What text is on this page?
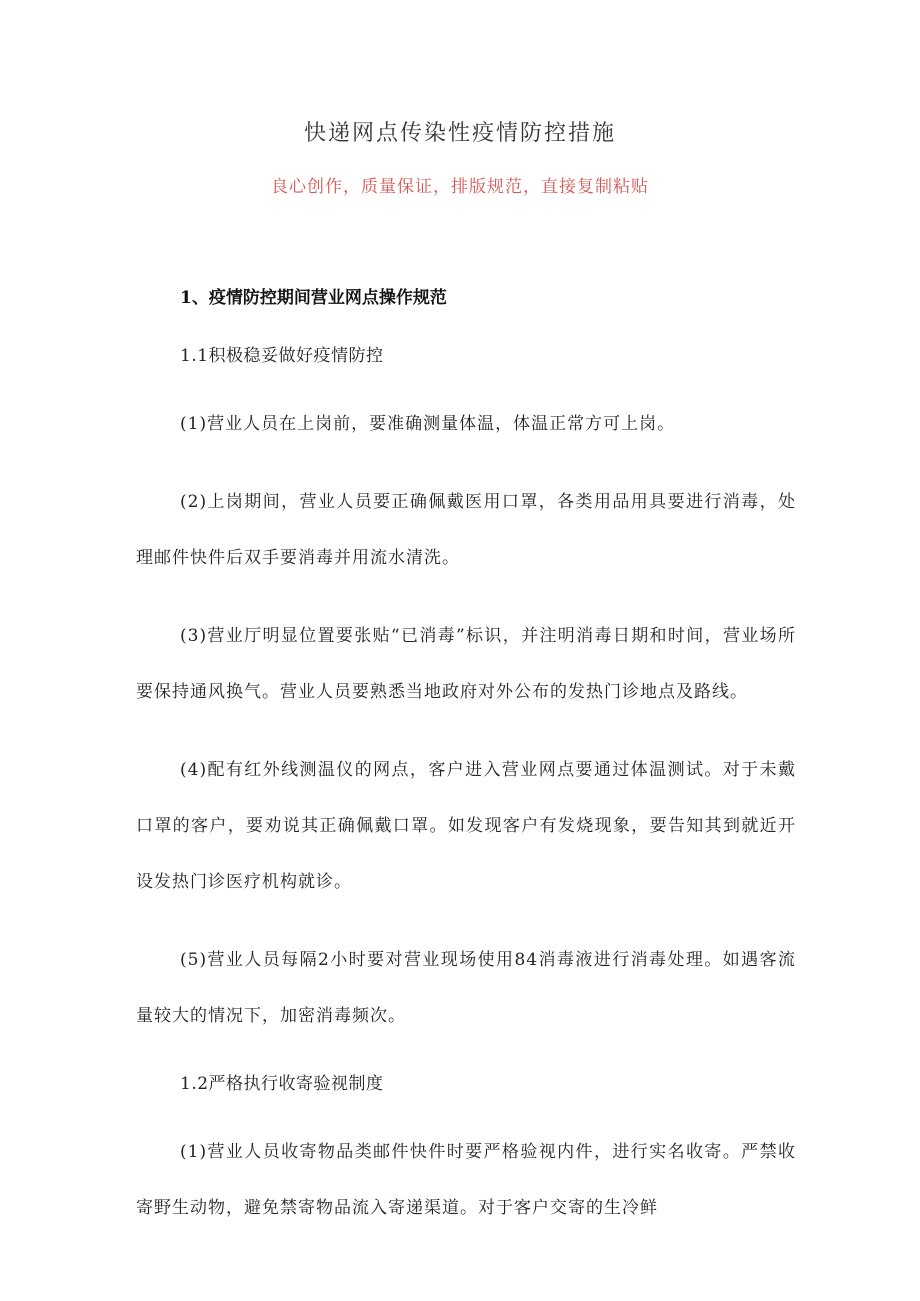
快递网点传染性疫情防控措施

良心创作，质量保证，排版规范，直接复制粘贴

1、疫情防控期间营业网点操作规范

1.1积极稳妥做好疫情防控

(1)营业人员在上岗前，要准确测量体温，体温正常方可上岗。

(2)上岗期间，营业人员要正确佩戴医用口罩，各类用品用具要进行消毒，处理邮件快件后双手要消毒并用流水清洗。

(3)营业厅明显位置要张贴“已消毒”标识，并注明消毒日期和时间，营业场所要保持通风换气。营业人员要熟悉当地政府对外公布的发热门诊地点及路线。

(4)配有红外线测温仪的网点，客户进入营业网点要通过体温测试。对于未戴口罩的客户，要劝说其正确佩戴口罩。如发现客户有发烧现象，要告知其到就近开设发热门诊医疗机构就诊。

(5)营业人员每隔2小时要对营业现场使用84消毒液进行消毒处理。如遇客流量较大的情况下，加密消毒频次。

1.2严格执行收寄验视制度

(1)营业人员收寄物品类邮件快件时要严格验视内件，进行实名收寄。严禁收寄野生动物，避免禁寄物品流入寄递渠道。对于客户交寄的生冷鲜
